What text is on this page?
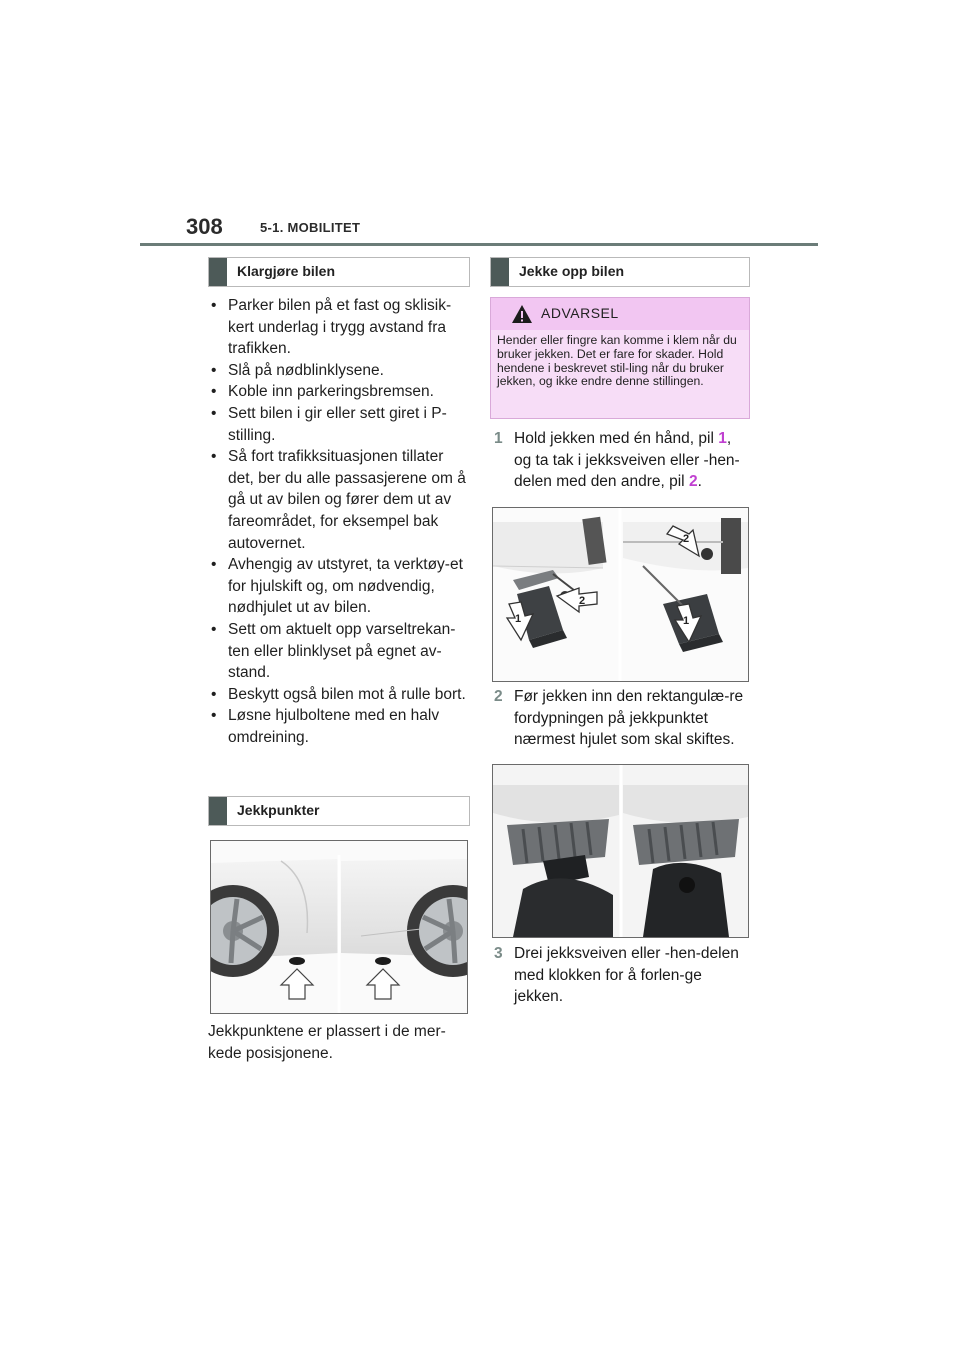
308	5-1. MOBILITET
Klargjøre bilen
• Parker bilen på et fast og sklisik-kert underlag i trygg avstand fra trafikken.
• Slå på nødblinklysene.
• Koble inn parkeringsbremsen.
• Sett bilen i gir eller sett giret i P-stilling.
• Så fort trafikksituasjonen tillater det, ber du alle passasjerene om å gå ut av bilen og fører dem ut av fareområdet, for eksempel bak autovernet.
• Avhengig av utstyret, ta verktøy-et for hjulskift og, om nødvendig, nødhjulet ut av bilen.
• Sett om aktuelt opp varseltrekan-ten eller blinklyset på egnet av-stand.
• Beskytt også bilen mot å rulle bort.
• Løsne hjulboltene med en halv omdreining.
Jekkpunkter
Jekkpunktene er plassert i de mer-kede posisjonene.
Jekke opp bilen
ADVARSEL
Hender eller fingre kan komme i klem når du bruker jekken. Det er fare for skader. Hold hendene i beskrevet stil-ling når du bruker jekken, og ikke endre denne stillingen.
1 Hold jekken med én hånd, pil 1, og ta tak i jekksveiven eller -hen-delen med den andre, pil 2.
2
2
1	1
2 Før jekken inn den rektangulæ-re fordypningen på jekkpunktet nærmest hjulet som skal skiftes.
3 Drei jekksveiven eller -hen-delen med klokken for å forlen-ge jekken.
